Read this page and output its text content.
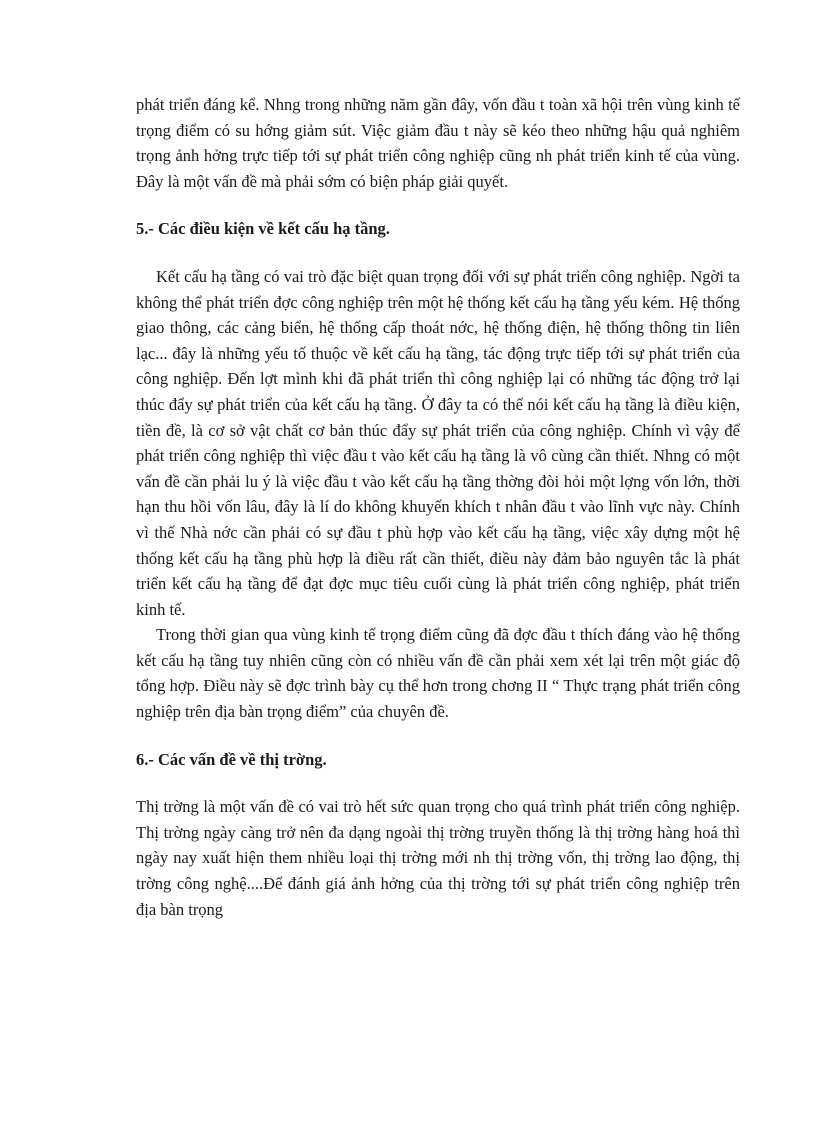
phát triển đáng kể. Nhng trong những năm gần đây, vốn đầu t toàn xã hội trên vùng kinh tế trọng điểm có su hớng giảm sút. Việc giảm đầu t này sẽ kéo theo những hậu quả nghiêm trọng ảnh hởng trực tiếp tới sự phát triển công nghiệp cũng nh phát triển kinh tế của vùng. Đây là một vấn đề mà phải sớm có biện pháp giải quyết.

5.- Các điều kiện về kết cấu hạ tầng.

Kết cấu hạ tầng có vai trò đặc biệt quan trọng đối với sự phát triển công nghiệp. Ngời ta không thể phát triển đợc công nghiệp trên một hệ thống kết cấu hạ tầng yếu kém. Hệ thống giao thông, các cảng biển, hệ thống cấp thoát nớc, hệ thống điện, hệ thống thông tin liên lạc... đây là những yếu tố thuộc về kết cấu hạ tầng, tác động trực tiếp tới sự phát triển của công nghiệp. Đến lợt mình khi đã phát triển thì công nghiệp lại có những tác động trở lại thúc đẩy sự phát triển của kết cấu hạ tầng. Ở đây ta có thể nói kết cấu hạ tầng là điều kiện, tiền đề, là cơ sở vật chất cơ bản thúc đẩy sự phát triển của công nghiệp. Chính vì vậy để phát triển công nghiệp thì việc đầu t vào kết cấu hạ tầng là vô cùng cần thiết. Nhng có một vấn đề cần phải lu ý là việc đầu t vào kết cấu hạ tầng thờng đòi hỏi một lợng vốn lớn, thời hạn thu hồi vốn lâu, đây là lí do không khuyến khích t nhân đầu t vào lĩnh vực này. Chính vì thế Nhà nớc cần phải có sự đầu t phù hợp vào kết cấu hạ tầng, việc xây dựng một hệ thống kết cấu hạ tầng phù hợp là điều rất cần thiết, điều này đảm bảo nguyên tắc là phát triển kết cấu hạ tầng để đạt đợc mục tiêu cuối cùng là phát triển công nghiệp, phát triển kinh tế.

Trong thời gian qua vùng kinh tế trọng điểm cũng đã đợc đầu t thích đáng vào hệ thống kết cấu hạ tầng tuy nhiên cũng còn có nhiều vấn đề cần phải xem xét lại trên một giác độ tổng hợp. Điều này sẽ đợc trình bày cụ thể hơn trong chơng II “ Thực trạng phát triển công nghiệp trên địa bàn trọng điểm” của chuyên đề.

6.- Các vấn đề về thị trờng.

Thị trờng là một vấn đề có vai trò hết sức quan trọng cho quá trình phát triển công nghiệp. Thị trờng ngày càng trở nên đa dạng ngoài thị trờng truyền thống là thị trờng hàng hoá thì ngày nay xuất hiện them nhiều loại thị trờng mới nh thị trờng vốn, thị trờng lao động, thị trờng công nghệ....Để đánh giá ảnh hởng của thị trờng tới sự phát triển công nghiệp trên địa bàn trọng
